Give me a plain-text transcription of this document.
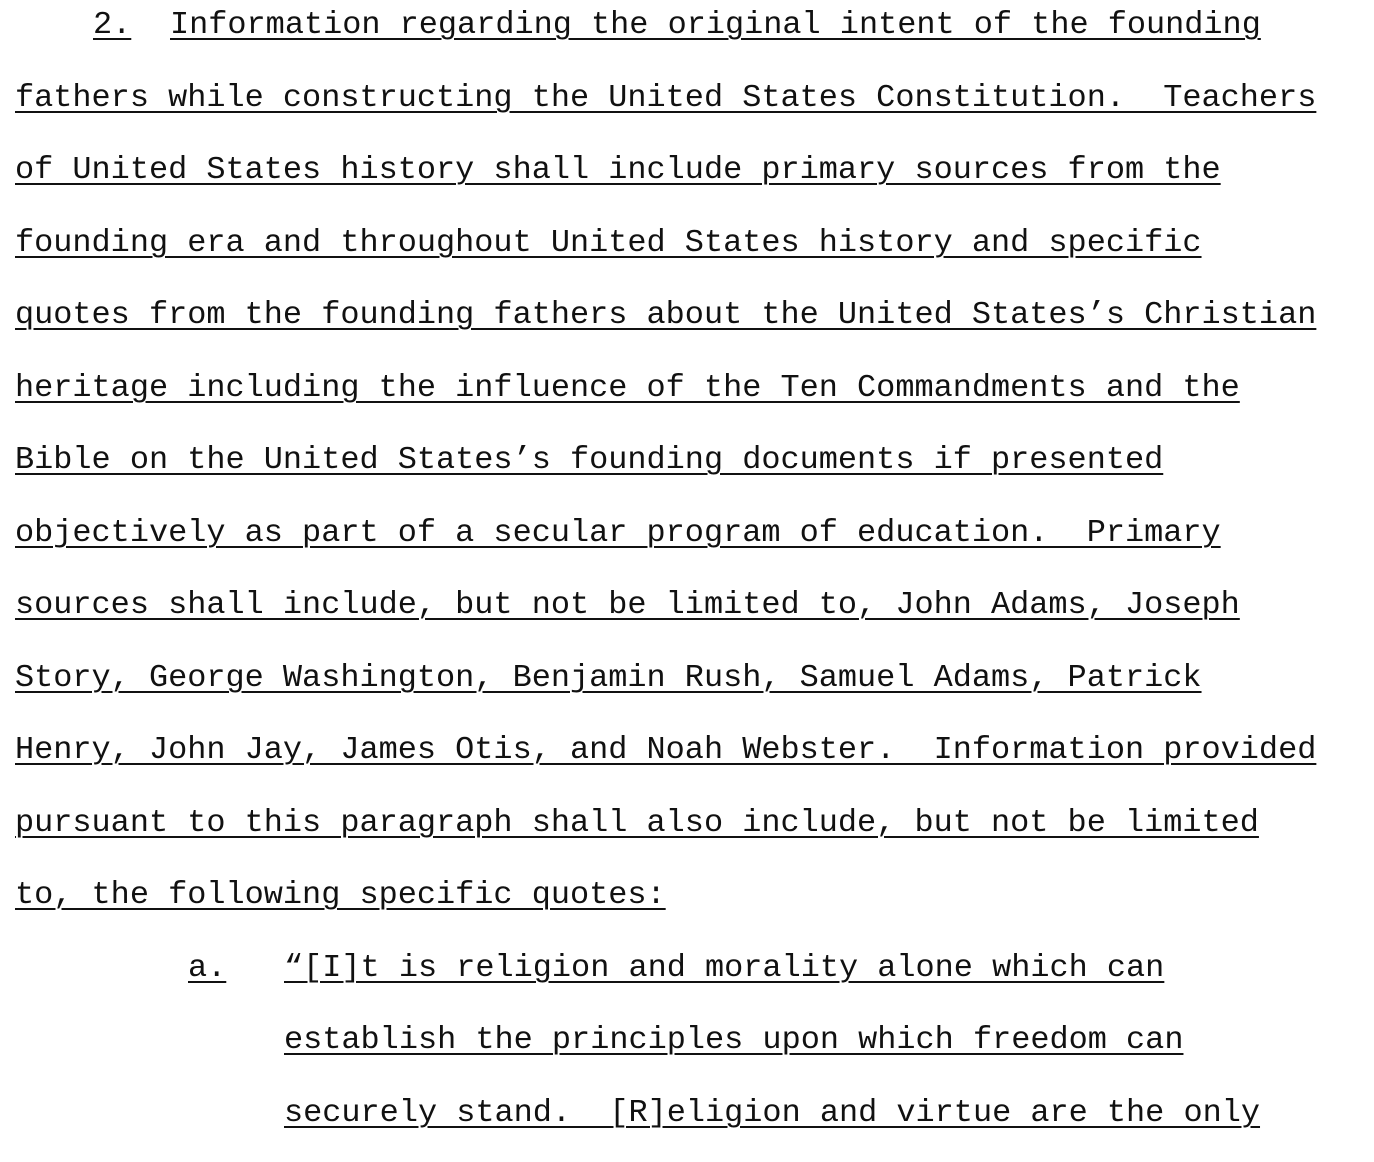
2. Information regarding the original intent of the founding
fathers while constructing the United States Constitution.  Teachers
of United States history shall include primary sources from the
founding era and throughout United States history and specific
quotes from the founding fathers about the United States’s Christian
heritage including the influence of the Ten Commandments and the
Bible on the United States’s founding documents if presented
objectively as part of a secular program of education.  Primary
sources shall include, but not be limited to, John Adams, Joseph
Story, George Washington, Benjamin Rush, Samuel Adams, Patrick
Henry, John Jay, James Otis, and Noah Webster.  Information provided
pursuant to this paragraph shall also include, but not be limited
to, the following specific quotes:
a. “[I]t is religion and morality alone which can
establish the principles upon which freedom can
securely stand.  [R]eligion and virtue are the only
